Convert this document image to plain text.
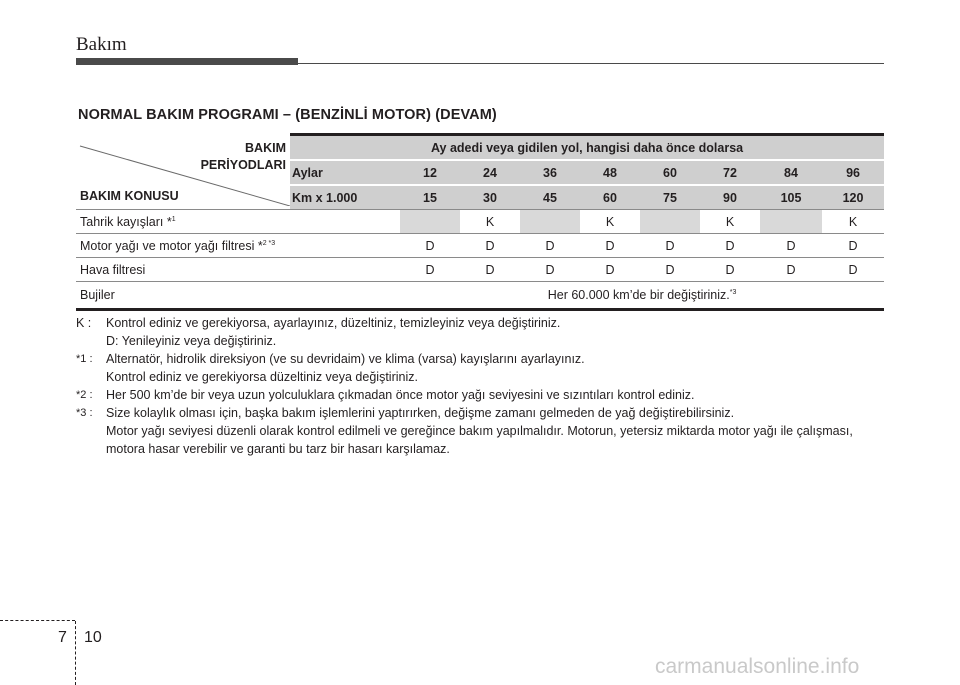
Bakım
NORMAL BAKIM PROGRAMI – (BENZİNLİ MOTOR) (DEVAM)
BAKIM
PERİYODLARI
BAKIM KONUSU	Ay adedi veya gidilen yol, hangisi daha önce dolarsa								
	Aylar	12	24	36	48	60	72	84	96
	Km x 1.000	15	30	45	60	75	90	105	120
Tahrik kayışları *$^1$			K		K		K		K
Motor yağı ve motor yağı filtresi *$^{2 *3}$		D	D	D	D	D	D	D	D
Hava filtresi		D	D	D	D	D	D	D	D
Bujiler		Her 60.000 km’de bir değiştiriniz.$^{*3}$
K :	Kontrol ediniz ve gerekiyorsa, ayarlayınız, düzeltiniz, temizleyiniz veya değiştiriniz.
D: Yenileyiniz veya değiştiriniz.
*1 :	Alternatör, hidrolik direksiyon (ve su devridaim) ve klima (varsa) kayışlarını ayarlayınız.
Kontrol ediniz ve gerekiyorsa düzeltiniz veya değiştiriniz.
*2 :	Her 500 km’de bir veya uzun yolculuklara çıkmadan önce motor yağı seviyesini ve sızıntıları kontrol ediniz.
*3 :	Size kolaylık olması için, başka bakım işlemlerini yaptırırken, değişme zamanı gelmeden de yağ değiştirebilirsiniz.
Motor yağı seviyesi düzenli olarak kontrol edilmeli ve gereğince bakım yapılmalıdır. Motorun, yetersiz miktarda motor yağı ile çalışması, motora hasar verebilir ve garanti bu tarz bir hasarı karşılamaz.
7 10
carmanualsonline.info
